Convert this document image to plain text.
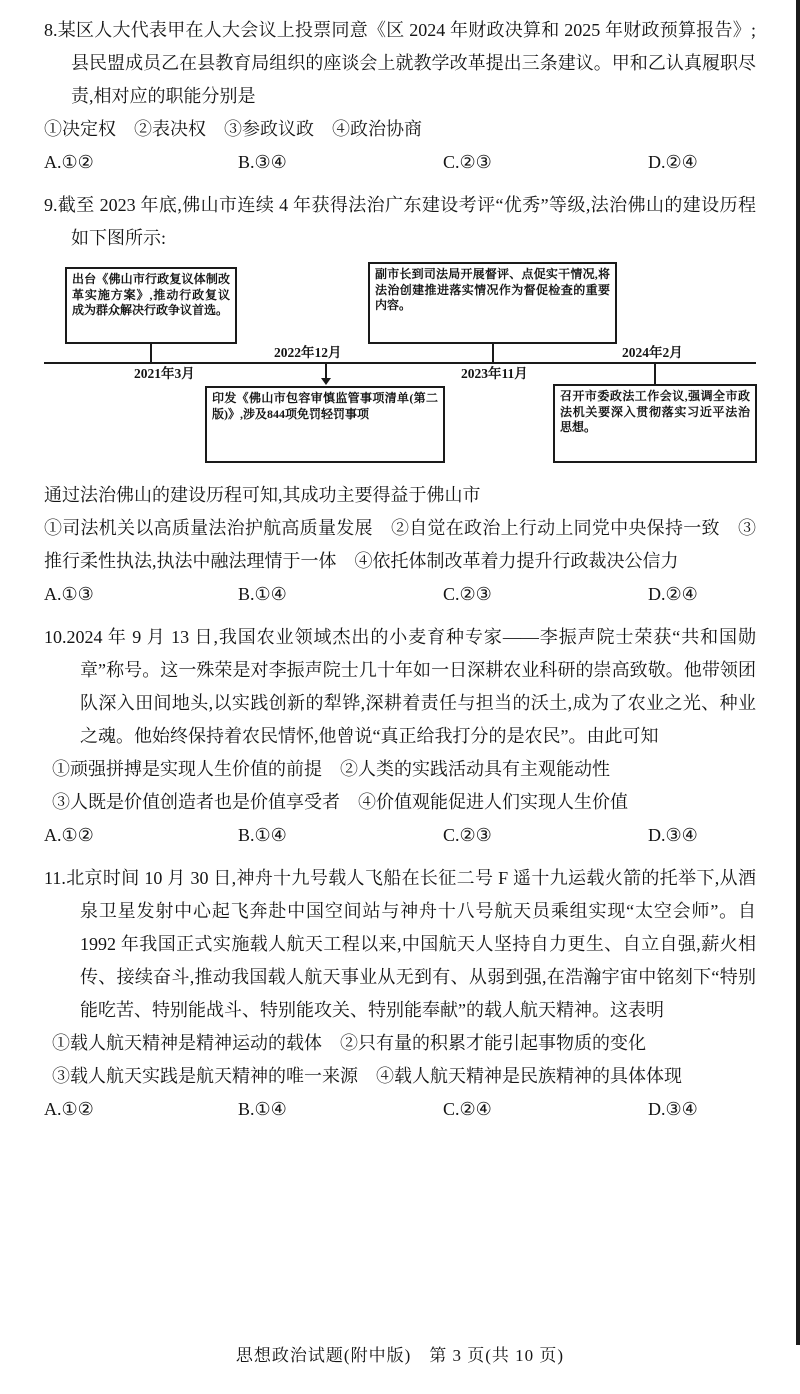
8.某区人大代表甲在人大会议上投票同意《区 2024 年财政决算和 2025 年财政预算报告》;县民盟成员乙在县教育局组织的座谈会上就教学改革提出三条建议。甲和乙认真履职尽责,相对应的职能分别是
①决定权　②表决权　③参政议政　④政治协商
A.①②	B.③④	C.②③	D.②④
9.截至 2023 年底,佛山市连续 4 年获得法治广东建设考评“优秀”等级,法治佛山的建设历程如下图所示:
出台《佛山市行政复议体制改革实施方案》,推动行政复议成为群众解决行政争议首选。
副市长到司法局开展督评、点促实干情况,将法治创建推进落实情况作为督促检查的重要内容。
印发《佛山市包容审慎监管事项清单(第二版)》,涉及844项免罚轻罚事项
召开市委政法工作会议,强调全市政法机关要深入贯彻落实习近平法治思想。
2022年12月	2024年2月
2021年3月	2023年11月
通过法治佛山的建设历程可知,其成功主要得益于佛山市
①司法机关以高质量法治护航高质量发展　②自觉在政治上行动上同党中央保持一致　③推行柔性执法,执法中融法理情于一体　④依托体制改革着力提升行政裁决公信力
A.①③	B.①④	C.②③	D.②④
10.2024 年 9 月 13 日,我国农业领域杰出的小麦育种专家——李振声院士荣获“共和国勋章”称号。这一殊荣是对李振声院士几十年如一日深耕农业科研的崇高致敬。他带领团队深入田间地头,以实践创新的犁铧,深耕着责任与担当的沃土,成为了农业之光、种业之魂。他始终保持着农民情怀,他曾说“真正给我打分的是农民”。由此可知
①顽强拼搏是实现人生价值的前提　②人类的实践活动具有主观能动性
③人既是价值创造者也是价值享受者　④价值观能促进人们实现人生价值
A.①②	B.①④	C.②③	D.③④
11.北京时间 10 月 30 日,神舟十九号载人飞船在长征二号 F 遥十九运载火箭的托举下,从酒泉卫星发射中心起飞奔赴中国空间站与神舟十八号航天员乘组实现“太空会师”。自 1992 年我国正式实施载人航天工程以来,中国航天人坚持自力更生、自立自强,薪火相传、接续奋斗,推动我国载人航天事业从无到有、从弱到强,在浩瀚宇宙中铭刻下“特别能吃苦、特别能战斗、特别能攻关、特别能奉献”的载人航天精神。这表明
①载人航天精神是精神运动的载体　②只有量的积累才能引起事物质的变化
③载人航天实践是航天精神的唯一来源　④载人航天精神是民族精神的具体体现
A.①②	B.①④	C.②④	D.③④
思想政治试题(附中版)　第 3 页(共 10 页)
